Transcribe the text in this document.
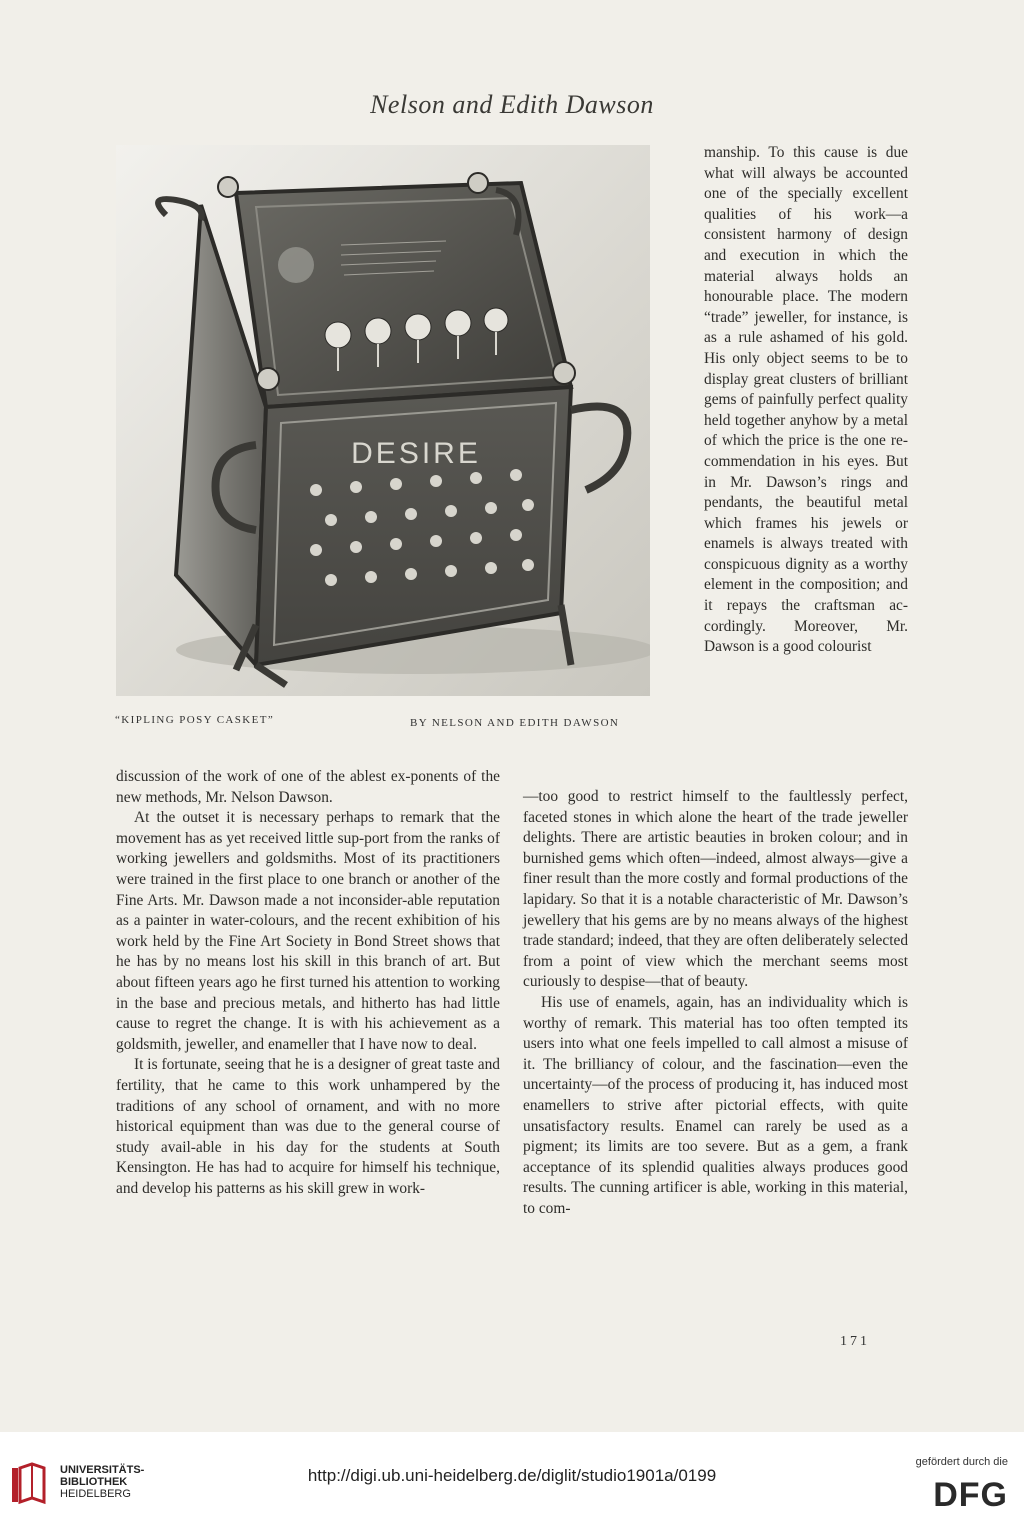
Nelson and Edith Dawson
DESIRE
“KIPLING POSY CASKET”	BY NELSON AND EDITH DAWSON

manship. To this cause is due what will always be accounted one of the specially excellent qualities of his work—a consistent harmony of design and execution in which the material always holds an honourable place. The modern “trade” jeweller, for instance, is as a rule ashamed of his gold. His only object seems to be to display great clusters of brilliant gems of painfully perfect quality held together anyhow by a metal of which the price is the one re-commendation in his eyes. But in Mr. Dawson’s rings and pendants, the beautiful metal which frames his jewels or enamels is always treated with conspicuous dignity as a worthy element in the composition; and it repays the craftsman ac-cordingly. Moreover, Mr. Dawson is a good colourist

discussion of the work of one of the ablest ex-ponents of the new methods, Mr. Nelson Dawson.

At the outset it is necessary perhaps to remark that the movement has as yet received little sup-port from the ranks of working jewellers and goldsmiths. Most of its practitioners were trained in the first place to one branch or another of the Fine Arts. Mr. Dawson made a not inconsider-able reputation as a painter in water-colours, and the recent exhibition of his work held by the Fine Art Society in Bond Street shows that he has by no means lost his skill in this branch of art. But about fifteen years ago he first turned his attention to working in the base and precious metals, and hitherto has had little cause to regret the change. It is with his achievement as a goldsmith, jeweller, and enameller that I have now to deal.

It is fortunate, seeing that he is a designer of great taste and fertility, that he came to this work unhampered by the traditions of any school of ornament, and with no more historical equipment than was due to the general course of study avail-able in his day for the students at South Kensington. He has had to acquire for himself his technique, and develop his patterns as his skill grew in work-

—too good to restrict himself to the faultlessly perfect, faceted stones in which alone the heart of the trade jeweller delights. There are artistic beauties in broken colour; and in burnished gems which often—indeed, almost always—give a finer result than the more costly and formal productions of the lapidary. So that it is a notable characteristic of Mr. Dawson’s jewellery that his gems are by no means always of the highest trade standard; indeed, that they are often deliberately selected from a point of view which the merchant seems most curiously to despise—that of beauty.

His use of enamels, again, has an individuality which is worthy of remark. This material has too often tempted its users into what one feels impelled to call almost a misuse of it. The brilliancy of colour, and the fascination—even the uncertainty—of the process of producing it, has induced most enamellers to strive after pictorial effects, with quite unsatisfactory results. Enamel can rarely be used as a pigment; its limits are too severe. But as a gem, a frank acceptance of its splendid qualities always produces good results. The cunning artificer is able, working in this material, to com-

171
UNIVERSITÄTS-
BIBLIOTHEK
HEIDELBERG
http://digi.ub.uni-heidelberg.de/diglit/studio1901a/0199
gefördert durch die
DFG
